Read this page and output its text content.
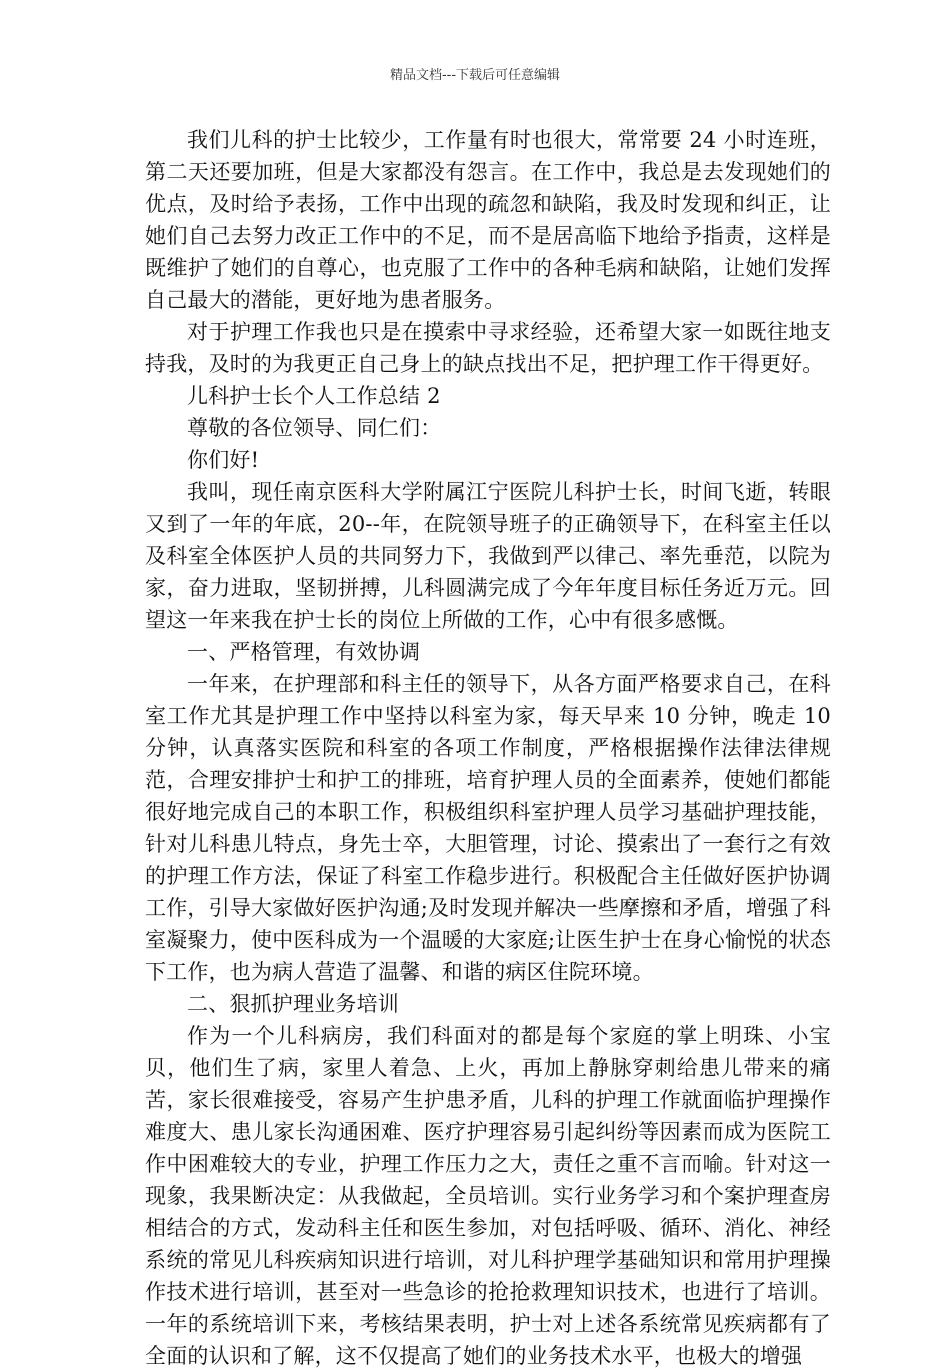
精品文档---下载后可任意编辑

我们儿科的护士比较少，工作量有时也很大，常常要 24 小时连班，第二天还要加班，但是大家都没有怨言。在工作中，我总是去发现她们的优点，及时给予表扬，工作中出现的疏忽和缺陷，我及时发现和纠正，让她们自己去努力改正工作中的不足，而不是居高临下地给予指责，这样是既维护了她们的自尊心，也克服了工作中的各种毛病和缺陷，让她们发挥自己最大的潜能，更好地为患者服务。

对于护理工作我也只是在摸索中寻求经验，还希望大家一如既往地支持我，及时的为我更正自己身上的缺点找出不足，把护理工作干得更好。

儿科护士长个人工作总结 2

尊敬的各位领导、同仁们：

你们好!

我叫，现任南京医科大学附属江宁医院儿科护士长，时间飞逝，转眼又到了一年的年底，20--年，在院领导班子的正确领导下，在科室主任以及科室全体医护人员的共同努力下，我做到严以律己、率先垂范，以院为家，奋力进取，坚韧拼搏，儿科圆满完成了今年年度目标任务近万元。回望这一年来我在护士长的岗位上所做的工作，心中有很多感慨。

一、严格管理，有效协调

一年来，在护理部和科主任的领导下，从各方面严格要求自己，在科室工作尤其是护理工作中坚持以科室为家，每天早来 10 分钟，晚走 10 分钟，认真落实医院和科室的各项工作制度，严格根据操作法律法律规范，合理安排护士和护工的排班，培育护理人员的全面素养，使她们都能很好地完成自己的本职工作，积极组织科室护理人员学习基础护理技能，针对儿科患儿特点，身先士卒，大胆管理，讨论、摸索出了一套行之有效的护理工作方法，保证了科室工作稳步进行。积极配合主任做好医护协调工作，引导大家做好医护沟通;及时发现并解决一些摩擦和矛盾，增强了科室凝聚力，使中医科成为一个温暖的大家庭;让医生护士在身心愉悦的状态下工作，也为病人营造了温馨、和谐的病区住院环境。

二、狠抓护理业务培训

作为一个儿科病房，我们科面对的都是每个家庭的掌上明珠、小宝贝，他们生了病，家里人着急、上火，再加上静脉穿刺给患儿带来的痛苦，家长很难接受，容易产生护患矛盾，儿科的护理工作就面临护理操作难度大、患儿家长沟通困难、医疗护理容易引起纠纷等因素而成为医院工作中困难较大的专业，护理工作压力之大，责任之重不言而喻。针对这一现象，我果断决定：从我做起，全员培训。实行业务学习和个案护理查房相结合的方式，发动科主任和医生参加，对包括呼吸、循环、消化、神经系统的常见儿科疾病知识进行培训，对儿科护理学基础知识和常用护理操作技术进行培训，甚至对一些急诊的抢抢救理知识技术，也进行了培训。一年的系统培训下来，考核结果表明，护士对上述各系统常见疾病都有了全面的认识和了解，这不仅提高了她们的业务技术水平，也极大的增强
